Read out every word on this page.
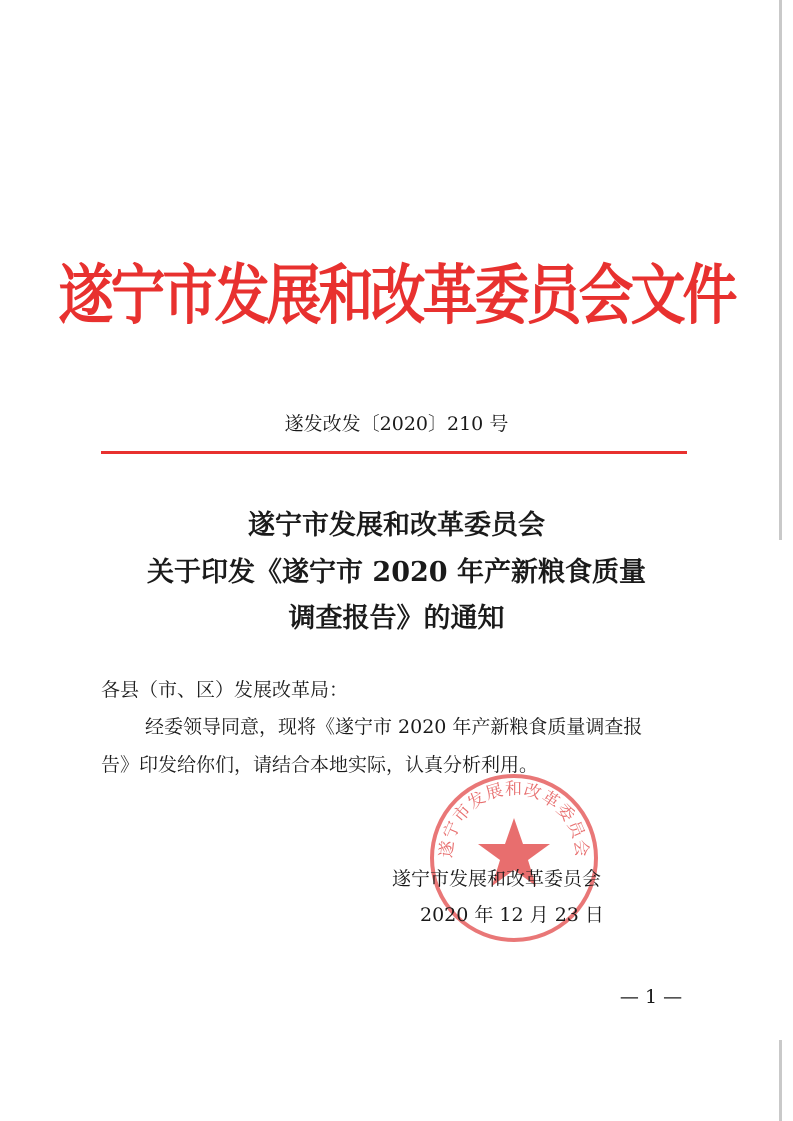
遂宁市发展和改革委员会文件
遂发改发〔2020〕210 号
遂宁市发展和改革委员会
关于印发《遂宁市 2020 年产新粮食质量
调查报告》的通知
各县（市、区）发展改革局：
经委领导同意，现将《遂宁市 2020 年产新粮食质量调查报
告》印发给你们，请结合本地实际，认真分析利用。
遂宁市发展和改革委员会
遂宁市发展和改革委员会
2020 年 12 月 23 日
— 1 —
